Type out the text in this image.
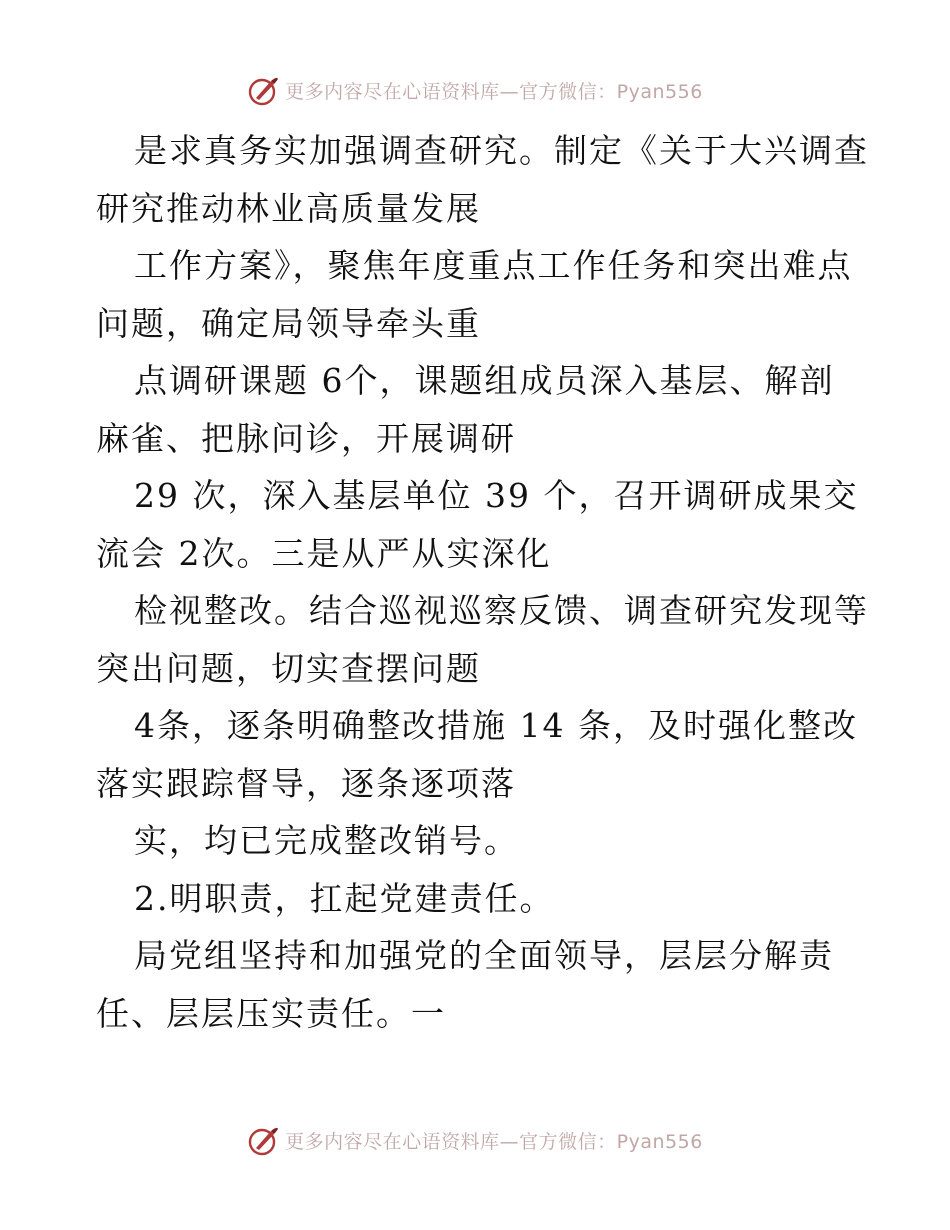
更多内容尽在心语资料库—官方微信：Pyan556

是求真务实加强调查研究。制定《关于大兴调查

研究推动林业高质量发展

工作方案》，聚焦年度重点工作任务和突出难点

问题，确定局领导牵头重

点调研课题 6个，课题组成员深入基层、解剖

麻雀、把脉问诊，开展调研

29 次，深入基层单位 39 个，召开调研成果交

流会 2次。三是从严从实深化

检视整改。结合巡视巡察反馈、调查研究发现等

突出问题，切实查摆问题

4条，逐条明确整改措施 14 条，及时强化整改

落实跟踪督导，逐条逐项落

实，均已完成整改销号。

2.明职责，扛起党建责任。

局党组坚持和加强党的全面领导，层层分解责

任、层层压实责任。一

更多内容尽在心语资料库—官方微信：Pyan556
